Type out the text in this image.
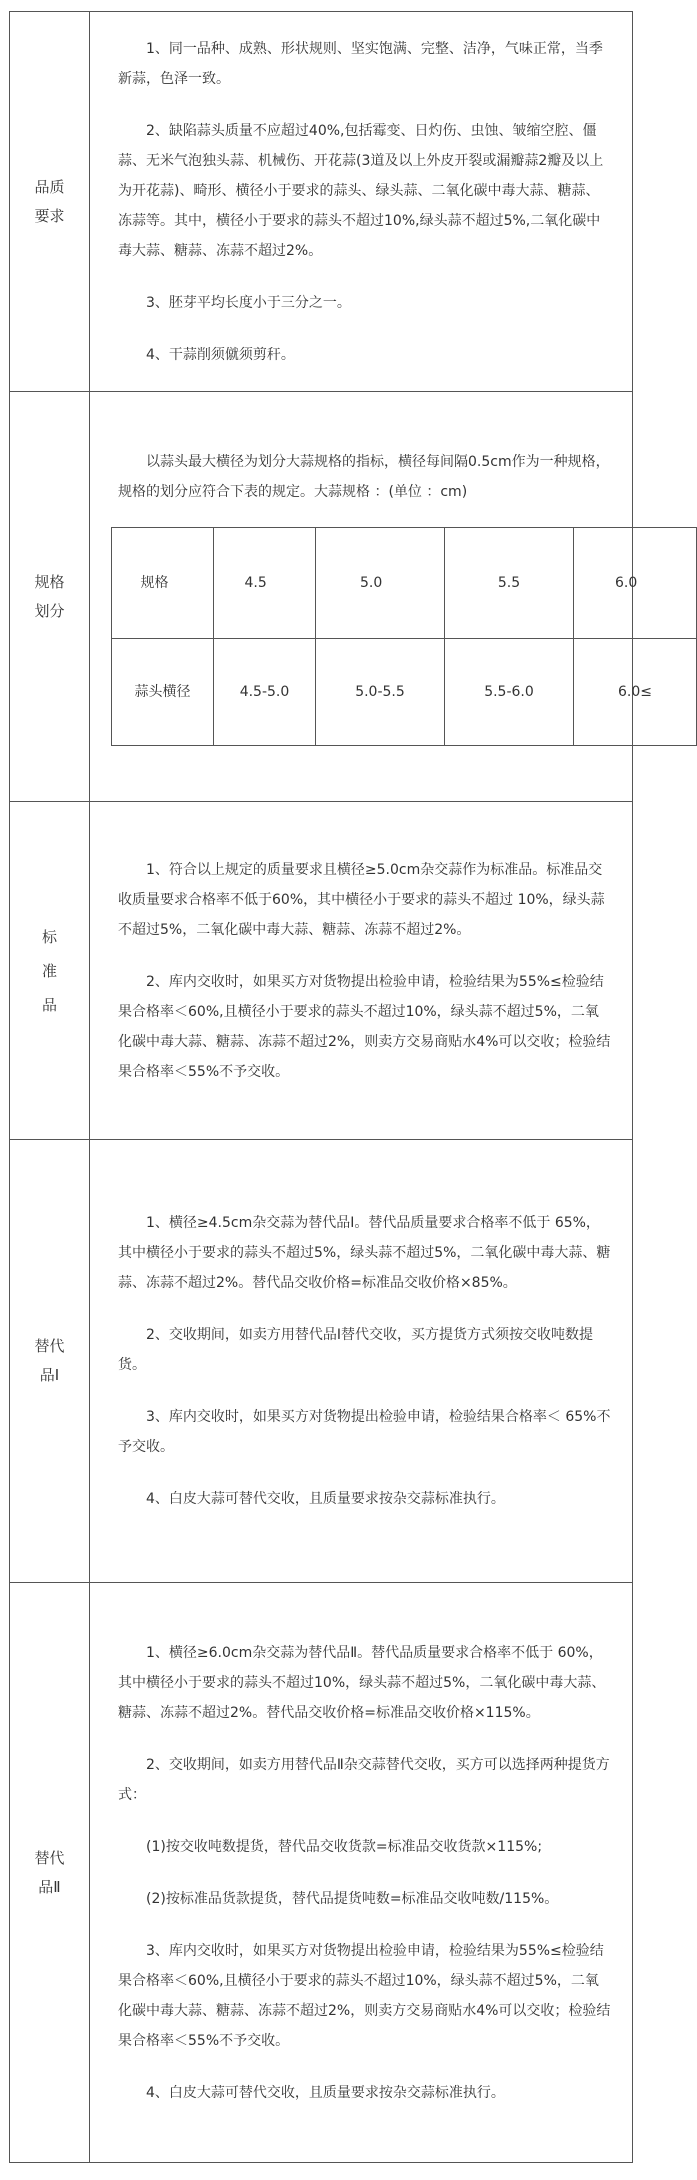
品质要求

1、同一品种、成熟、形状规则、坚实饱满、完整、洁净，气味正常，当季新蒜，色泽一致。

2、缺陷蒜头质量不应超过40%,包括霉变、日灼伤、虫蚀、皱缩空腔、僵蒜、无米气泡独头蒜、机械伤、开花蒜(3道及以上外皮开裂或漏瓣蒜2瓣及以上为开花蒜)、畸形、横径小于要求的蒜头、绿头蒜、二氧化碳中毒大蒜、糖蒜、冻蒜等。其中，横径小于要求的蒜头不超过10%,绿头蒜不超过5%,二氧化碳中毒大蒜、糖蒜、冻蒜不超过2%。

3、胚芽平均长度小于三分之一。

4、干蒜削须僦须剪秆。

规格划分

以蒜头最大横径为划分大蒜规格的指标，横径每间隔0.5cm作为一种规格，规格的划分应符合下表的规定。大蒜规格 ：(单位 ：cm)

规格	4.5	5.0	5.5	6.0
蒜头横径	4.5-5.0	5.0-5.5	5.5-6.0	6.0≤

标准品

1、符合以上规定的质量要求且横径≥5.0cm杂交蒜作为标准品。标准品交收质量要求合格率不低于60%，其中横径小于要求的蒜头不超过 10%，绿头蒜不超过5%，二氧化碳中毒大蒜、糖蒜、冻蒜不超过2%。

2、库内交收时，如果买方对货物提出检验申请，检验结果为55%≤检验结果合格率＜60%,且横径小于要求的蒜头不超过10%，绿头蒜不超过5%，二氧化碳中毒大蒜、糖蒜、冻蒜不超过2%，则卖方交易商贴水4%可以交收；检验结果合格率＜55%不予交收。

替代品Ⅰ

1、横径≥4.5cm杂交蒜为替代品Ⅰ。替代品质量要求合格率不低于 65%，其中横径小于要求的蒜头不超过5%，绿头蒜不超过5%，二氧化碳中毒大蒜、糖蒜、冻蒜不超过2%。替代品交收价格=标准品交收价格×85%。

2、交收期间，如卖方用替代品Ⅰ替代交收，买方提货方式须按交收吨数提货。

3、库内交收时，如果买方对货物提出检验申请，检验结果合格率＜ 65%不予交收。

4、白皮大蒜可替代交收，且质量要求按杂交蒜标准执行。

替代品Ⅱ

1、横径≥6.0cm杂交蒜为替代品Ⅱ。替代品质量要求合格率不低于 60%，其中横径小于要求的蒜头不超过10%，绿头蒜不超过5%，二氧化碳中毒大蒜、糖蒜、冻蒜不超过2%。替代品交收价格=标准品交收价格×115%。

2、交收期间，如卖方用替代品Ⅱ杂交蒜替代交收，买方可以选择两种提货方式：

(1)按交收吨数提货，替代品交收货款=标准品交收货款×115%;

(2)按标准品货款提货，替代品提货吨数=标准品交收吨数/115%。

3、库内交收时，如果买方对货物提出检验申请，检验结果为55%≤检验结果合格率＜60%,且横径小于要求的蒜头不超过10%，绿头蒜不超过5%，二氧化碳中毒大蒜、糖蒜、冻蒜不超过2%，则卖方交易商贴水4%可以交收；检验结果合格率＜55%不予交收。

4、白皮大蒜可替代交收，且质量要求按杂交蒜标准执行。
